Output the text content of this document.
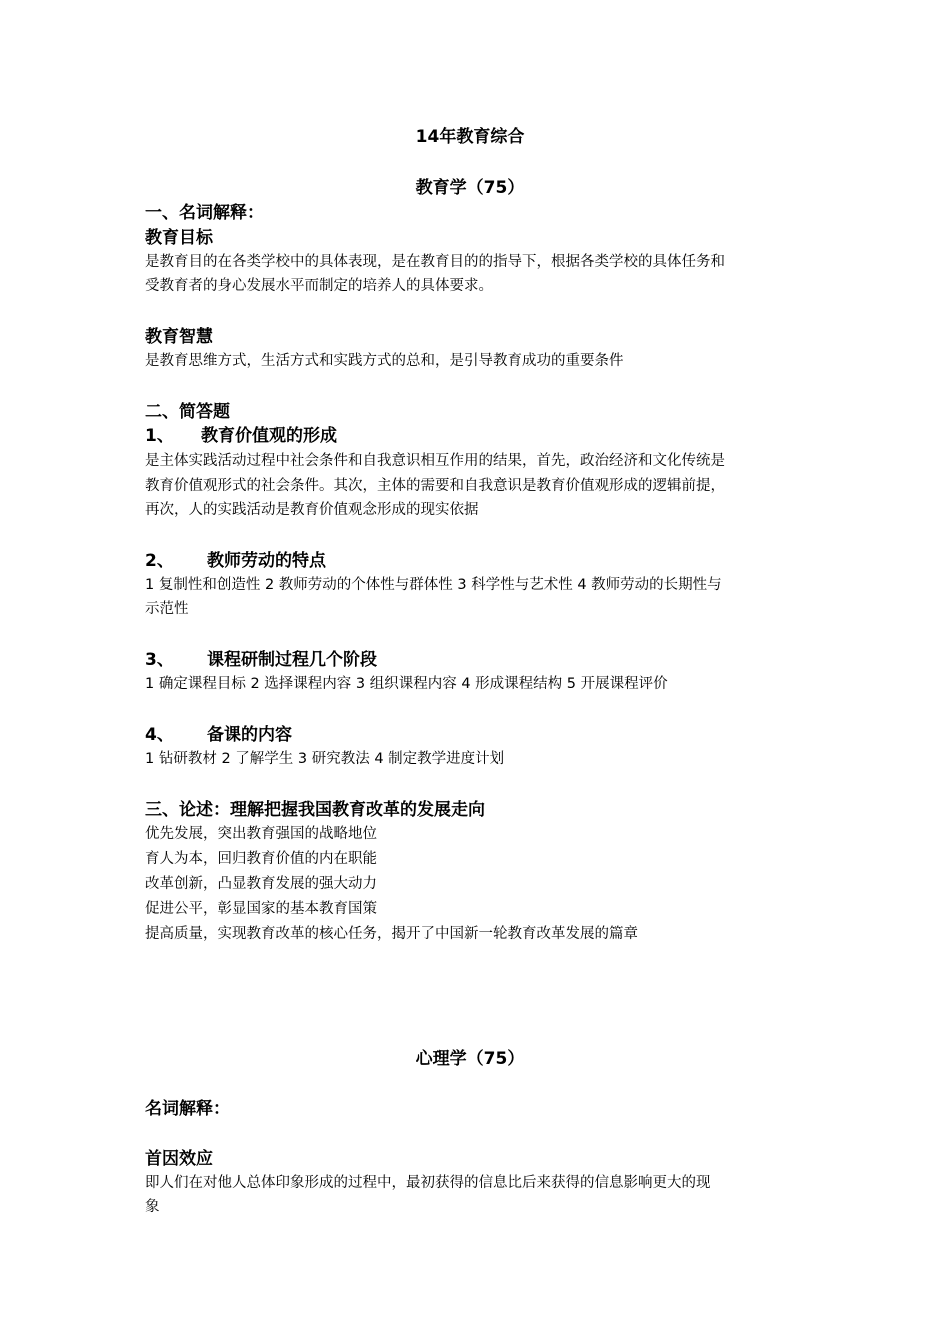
14年教育综合
教育学（75）
一、名词解释：
教育目标
是教育目的在各类学校中的具体表现，是在教育目的的指导下，根据各类学校的具体任务和
受教育者的身心发展水平而制定的培养人的具体要求。
教育智慧
是教育思维方式，生活方式和实践方式的总和，是引导教育成功的重要条件
二、简答题
1、 教育价值观的形成
是主体实践活动过程中社会条件和自我意识相互作用的结果，首先，政治经济和文化传统是
教育价值观形式的社会条件。其次，主体的需要和自我意识是教育价值观形成的逻辑前提，
再次，人的实践活动是教育价值观念形成的现实依据
2、 教师劳动的特点
1 复制性和创造性 2 教师劳动的个体性与群体性 3 科学性与艺术性 4 教师劳动的长期性与
示范性
3、 课程研制过程几个阶段
1 确定课程目标 2 选择课程内容 3 组织课程内容 4 形成课程结构 5 开展课程评价
4、 备课的内容
1 钻研教材 2 了解学生 3 研究教法 4 制定教学进度计划
三、论述：理解把握我国教育改革的发展走向
优先发展，突出教育强国的战略地位
育人为本，回归教育价值的内在职能
改革创新，凸显教育发展的强大动力
促进公平，彰显国家的基本教育国策
提高质量，实现教育改革的核心任务，揭开了中国新一轮教育改革发展的篇章
心理学（75）
名词解释：
首因效应
即人们在对他人总体印象形成的过程中，最初获得的信息比后来获得的信息影响更大的现
象
